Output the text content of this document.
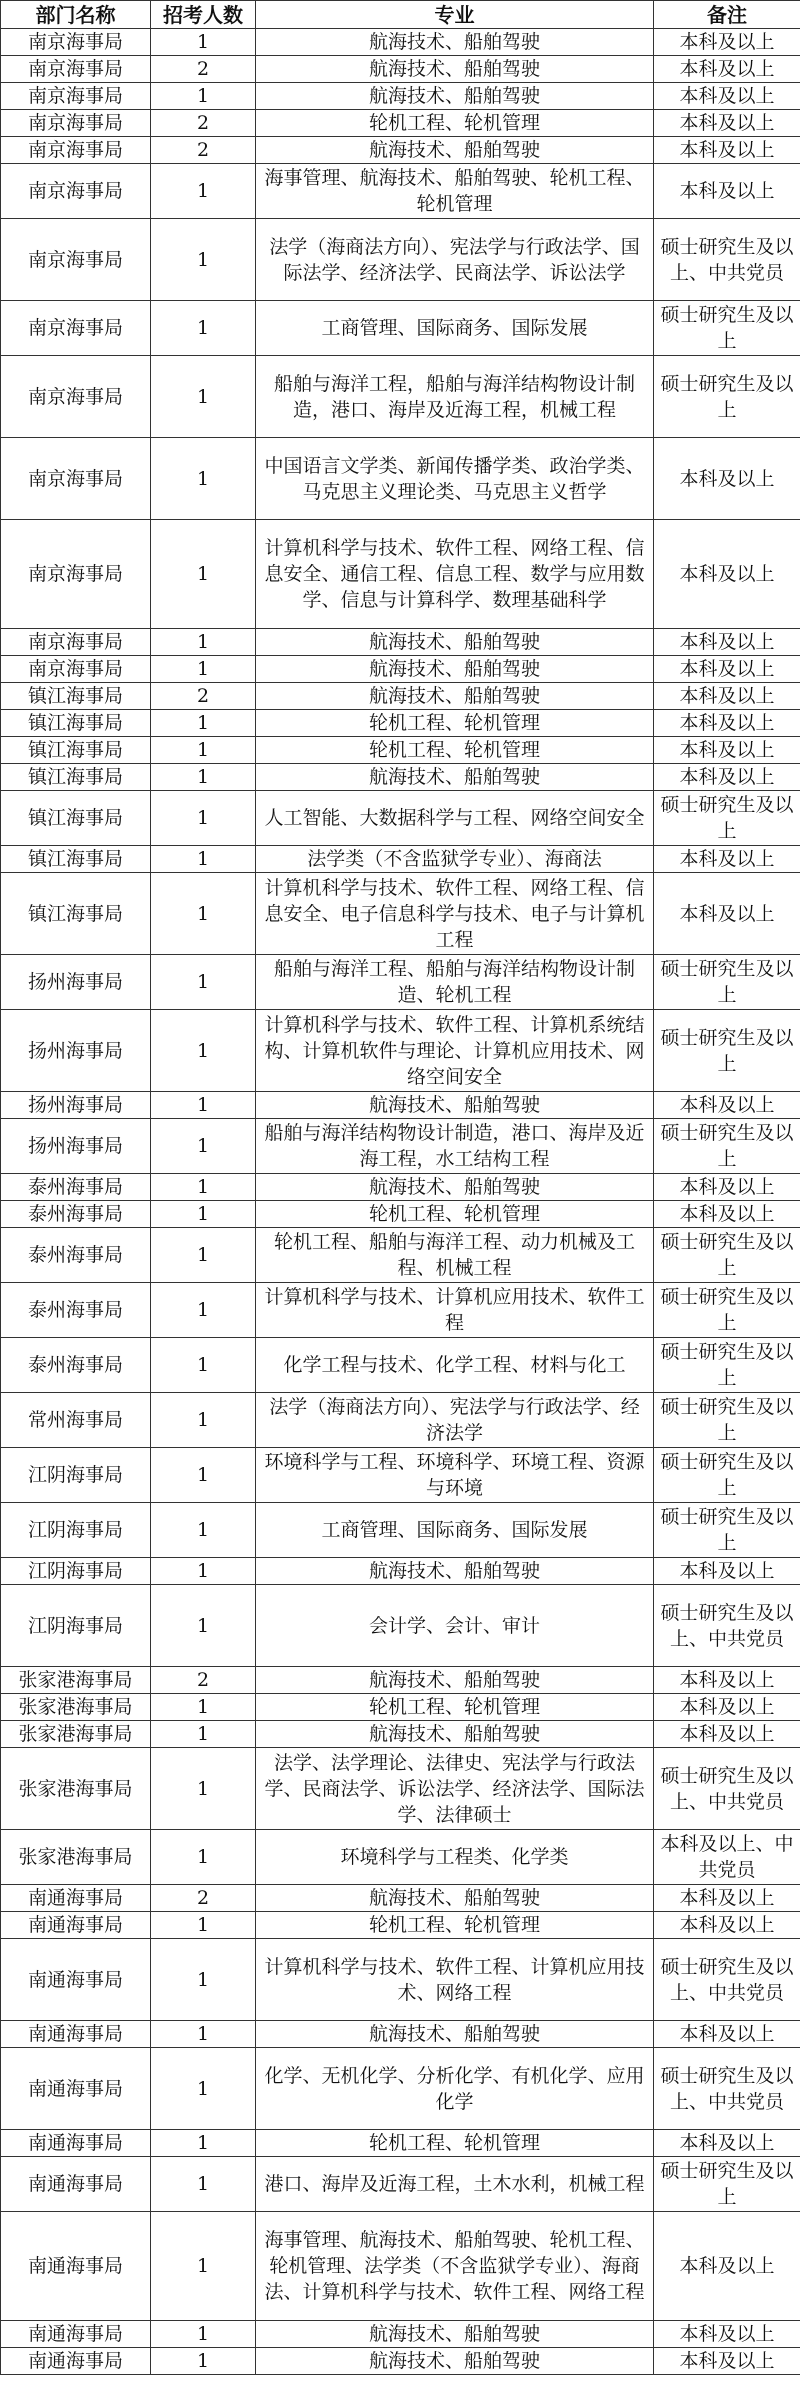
部门名称	招考人数	专业	备注
南京海事局	1	航海技术、船舶驾驶	本科及以上
南京海事局	2	航海技术、船舶驾驶	本科及以上
南京海事局	1	航海技术、船舶驾驶	本科及以上
南京海事局	2	轮机工程、轮机管理	本科及以上
南京海事局	2	航海技术、船舶驾驶	本科及以上
南京海事局	1	海事管理、航海技术、船舶驾驶、轮机工程、轮机管理	本科及以上
南京海事局	1	法学（海商法方向）、宪法学与行政法学、国际法学、经济法学、民商法学、诉讼法学	硕士研究生及以上、中共党员
南京海事局	1	工商管理、国际商务、国际发展	硕士研究生及以上
南京海事局	1	船舶与海洋工程，船舶与海洋结构物设计制造，港口、海岸及近海工程，机械工程	硕士研究生及以上
南京海事局	1	中国语言文学类、新闻传播学类、政治学类、马克思主义理论类、马克思主义哲学	本科及以上
南京海事局	1	计算机科学与技术、软件工程、网络工程、信息安全、通信工程、信息工程、数学与应用数学、信息与计算科学、数理基础科学	本科及以上
南京海事局	1	航海技术、船舶驾驶	本科及以上
南京海事局	1	航海技术、船舶驾驶	本科及以上
镇江海事局	2	航海技术、船舶驾驶	本科及以上
镇江海事局	1	轮机工程、轮机管理	本科及以上
镇江海事局	1	轮机工程、轮机管理	本科及以上
镇江海事局	1	航海技术、船舶驾驶	本科及以上
镇江海事局	1	人工智能、大数据科学与工程、网络空间安全	硕士研究生及以上
镇江海事局	1	法学类（不含监狱学专业）、海商法	本科及以上
镇江海事局	1	计算机科学与技术、软件工程、网络工程、信息安全、电子信息科学与技术、电子与计算机工程	本科及以上
扬州海事局	1	船舶与海洋工程、船舶与海洋结构物设计制造、轮机工程	硕士研究生及以上
扬州海事局	1	计算机科学与技术、软件工程、计算机系统结构、计算机软件与理论、计算机应用技术、网络空间安全	硕士研究生及以上
扬州海事局	1	航海技术、船舶驾驶	本科及以上
扬州海事局	1	船舶与海洋结构物设计制造，港口、海岸及近海工程，水工结构工程	硕士研究生及以上
泰州海事局	1	航海技术、船舶驾驶	本科及以上
泰州海事局	1	轮机工程、轮机管理	本科及以上
泰州海事局	1	轮机工程、船舶与海洋工程、动力机械及工程、机械工程	硕士研究生及以上
泰州海事局	1	计算机科学与技术、计算机应用技术、软件工程	硕士研究生及以上
泰州海事局	1	化学工程与技术、化学工程、材料与化工	硕士研究生及以上
常州海事局	1	法学（海商法方向）、宪法学与行政法学、经济法学	硕士研究生及以上
江阴海事局	1	环境科学与工程、环境科学、环境工程、资源与环境	硕士研究生及以上
江阴海事局	1	工商管理、国际商务、国际发展	硕士研究生及以上
江阴海事局	1	航海技术、船舶驾驶	本科及以上
江阴海事局	1	会计学、会计、审计	硕士研究生及以上、中共党员
张家港海事局	2	航海技术、船舶驾驶	本科及以上
张家港海事局	1	轮机工程、轮机管理	本科及以上
张家港海事局	1	航海技术、船舶驾驶	本科及以上
张家港海事局	1	法学、法学理论、法律史、宪法学与行政法学、民商法学、诉讼法学、经济法学、国际法学、法律硕士	硕士研究生及以上、中共党员
张家港海事局	1	环境科学与工程类、化学类	本科及以上、中共党员
南通海事局	2	航海技术、船舶驾驶	本科及以上
南通海事局	1	轮机工程、轮机管理	本科及以上
南通海事局	1	计算机科学与技术、软件工程、计算机应用技术、网络工程	硕士研究生及以上、中共党员
南通海事局	1	航海技术、船舶驾驶	本科及以上
南通海事局	1	化学、无机化学、分析化学、有机化学、应用化学	硕士研究生及以上、中共党员
南通海事局	1	轮机工程、轮机管理	本科及以上
南通海事局	1	港口、海岸及近海工程，土木水利，机械工程	硕士研究生及以上
南通海事局	1	海事管理、航海技术、船舶驾驶、轮机工程、轮机管理、法学类（不含监狱学专业）、海商法、计算机科学与技术、软件工程、网络工程	本科及以上
南通海事局	1	航海技术、船舶驾驶	本科及以上
南通海事局	1	航海技术、船舶驾驶	本科及以上
